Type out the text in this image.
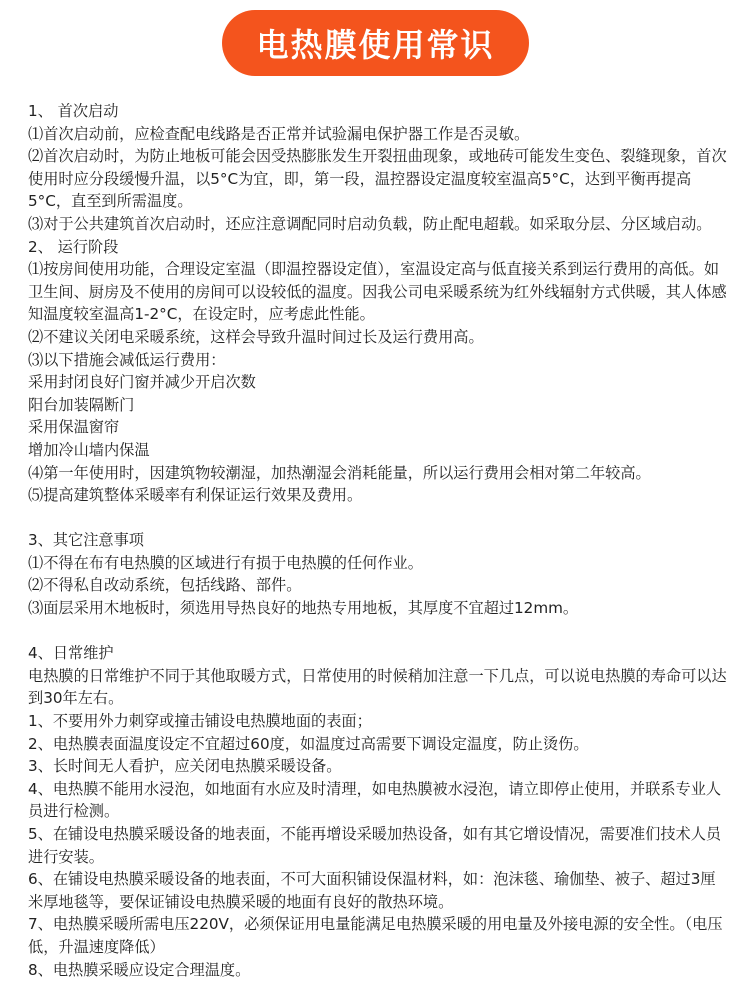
电热膜使用常识

1、 首次启动

⑴首次启动前，应检查配电线路是否正常并试验漏电保护器工作是否灵敏。

⑵首次启动时，为防止地板可能会因受热膨胀发生开裂扭曲现象，或地砖可能发生变色、裂缝现象，首次使用时应分段缓慢升温，以5°C为宜，即，第一段，温控器设定温度较室温高5°C，达到平衡再提高5°C，直至到所需温度。

⑶对于公共建筑首次启动时，还应注意调配同时启动负载，防止配电超载。如采取分层、分区域启动。

2、 运行阶段

⑴按房间使用功能，合理设定室温（即温控器设定值），室温设定高与低直接关系到运行费用的高低。如卫生间、厨房及不使用的房间可以设较低的温度。因我公司电采暖系统为红外线辐射方式供暖，其人体感知温度较室温高1-2°C，在设定时，应考虑此性能。

⑵不建议关闭电采暖系统，这样会导致升温时间过长及运行费用高。

⑶以下措施会减低运行费用：

采用封闭良好门窗并减少开启次数

阳台加装隔断门

采用保温窗帘

增加冷山墙内保温

⑷第一年使用时，因建筑物较潮湿，加热潮湿会消耗能量，所以运行费用会相对第二年较高。

⑸提高建筑整体采暖率有利保证运行效果及费用。

3、其它注意事项

⑴不得在布有电热膜的区域进行有损于电热膜的任何作业。

⑵不得私自改动系统，包括线路、部件。

⑶面层采用木地板时，须选用导热良好的地热专用地板，其厚度不宜超过12mm。

4、日常维护

电热膜的日常维护不同于其他取暖方式，日常使用的时候稍加注意一下几点，可以说电热膜的寿命可以达到30年左右。

1、不要用外力刺穿或撞击铺设电热膜地面的表面；

2、电热膜表面温度设定不宜超过60度，如温度过高需要下调设定温度，防止烫伤。

3、长时间无人看护，应关闭电热膜采暖设备。

4、电热膜不能用水浸泡，如地面有水应及时清理，如电热膜被水浸泡，请立即停止使用，并联系专业人员进行检测。

5、在铺设电热膜采暖设备的地表面，不能再增设采暖加热设备，如有其它增设情况，需要准们技术人员进行安装。

6、在铺设电热膜采暖设备的地表面，不可大面积铺设保温材料，如：泡沫毯、瑜伽垫、被子、超过3厘米厚地毯等，要保证铺设电热膜采暖的地面有良好的散热环境。

7、电热膜采暖所需电压220V，必须保证用电量能满足电热膜采暖的用电量及外接电源的安全性。（电压低，升温速度降低）

8、电热膜采暖应设定合理温度。
